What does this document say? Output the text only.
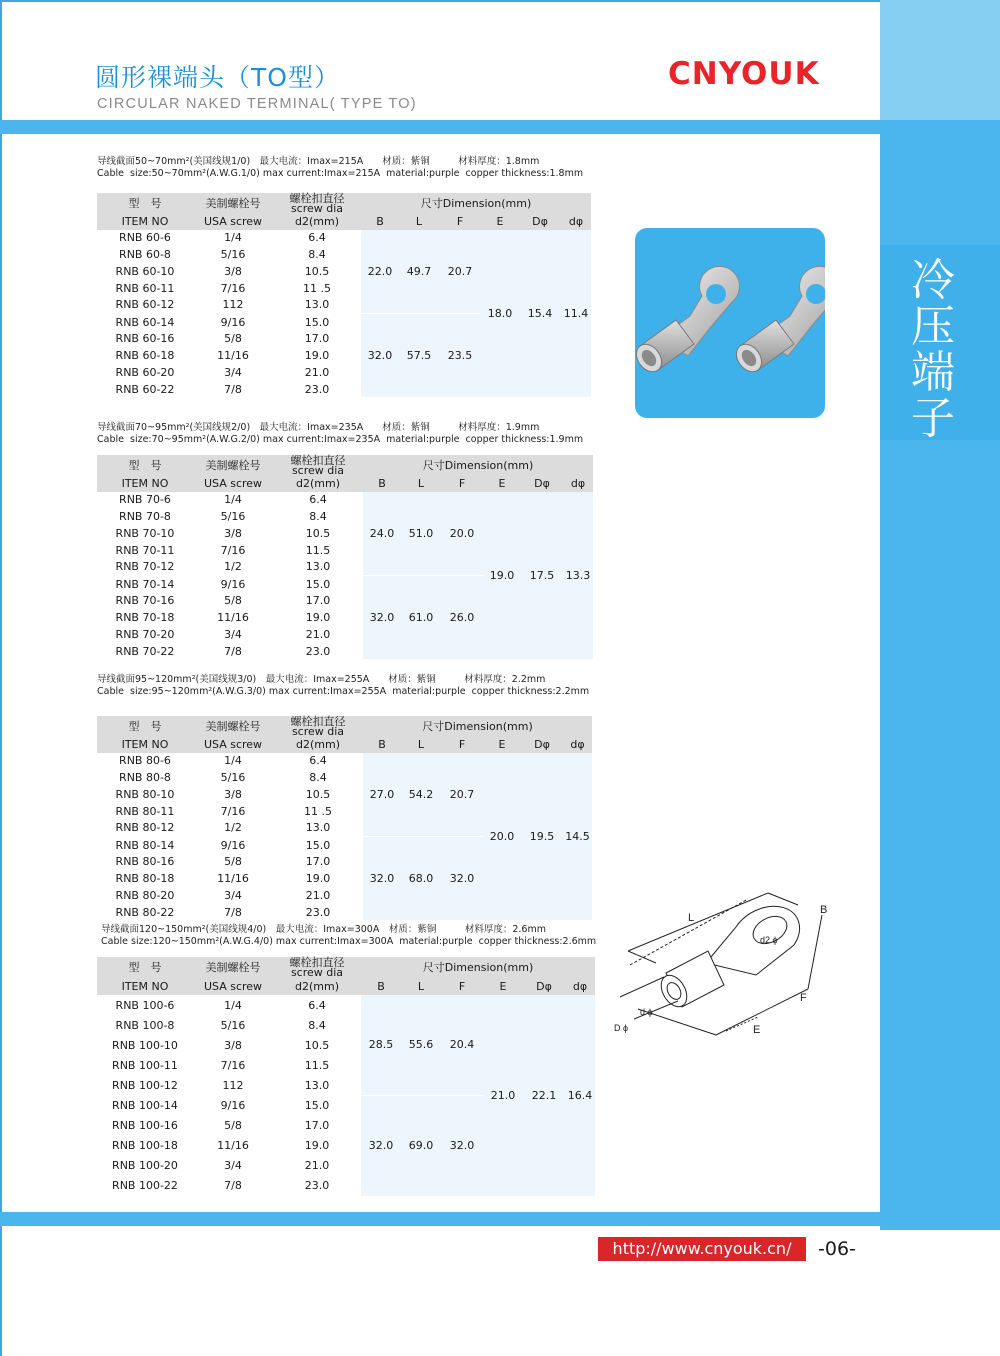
冷压端子
圆形裸端头（TO型）
CIRCULAR NAKED TERMINAL( TYPE TO)
CNYOUK
导线截面50~70mm²(美国线规1/0)　最大电流：Imax=215A　　材质：紫铜　　　材料厚度：1.8mm
Cable  size:50~70mm²(A.W.G.1/0) max current:Imax=215A  material:purple  copper thickness:1.8mm
导线截面70~95mm²(美国线规2/0)　最大电流：Imax=235A　　材质：紫铜　　　材料厚度：1.9mm
Cable  size:70~95mm²(A.W.G.2/0) max current:Imax=235A  material:purple  copper thickness:1.9mm
导线截面95~120mm²(美国线规3/0)　最大电流：Imax=255A　　材质：紫铜　　　材料厚度：2.2mm
Cable  size:95~120mm²(A.W.G.3/0) max current:Imax=255A  material:purple  copper thickness:2.2mm
导线截面120~150mm²(美国线规4/0)　最大电流：Imax=300A　材质：紫铜　　　材料厚度：2.6mm
Cable size:120~150mm²(A.W.G.4/0) max current:Imax=300A  material:purple  copper thickness:2.6mm
型　号	美制螺栓号	螺栓扣直径
screw dia	尺寸Dimension(mm)					
ITEM NO	USA screw	d2(mm)	B	L	F	E	Dφ	dφ
RNB 60-6	1/4	6.4	22.0	49.7	20.7	18.0	15.4	11.4
RNB 60-8	5/16	8.4						
RNB 60-10	3/8	10.5						
RNB 60-11	7/16	11 .5						
RNB 60-12	112	13.0						
RNB 60-14	9/16	15.0	32.0	57.5	23.5			
RNB 60-16	5/8	17.0						
RNB 60-18	11/16	19.0						
RNB 60-20	3/4	21.0						
RNB 60-22	7/8	23.0						
型　号	美制螺栓号	螺栓扣直径
screw dia	尺寸Dimension(mm)					
ITEM NO	USA screw	d2(mm)	B	L	F	E	Dφ	dφ
RNB 70-6	1/4	6.4	24.0	51.0	20.0	19.0	17.5	13.3
RNB 70-8	5/16	8.4						
RNB 70-10	3/8	10.5						
RNB 70-11	7/16	11.5						
RNB 70-12	1/2	13.0						
RNB 70-14	9/16	15.0	32.0	61.0	26.0			
RNB 70-16	5/8	17.0						
RNB 70-18	11/16	19.0						
RNB 70-20	3/4	21.0						
RNB 70-22	7/8	23.0						
型　号	美制螺栓号	螺栓扣直径
screw dia	尺寸Dimension(mm)					
ITEM NO	USA screw	d2(mm)	B	L	F	E	Dφ	dφ
RNB 80-6	1/4	6.4	27.0	54.2	20.7	20.0	19.5	14.5
RNB 80-8	5/16	8.4						
RNB 80-10	3/8	10.5						
RNB 80-11	7/16	11 .5						
RNB 80-12	1/2	13.0						
RNB 80-14	9/16	15.0	32.0	68.0	32.0			
RNB 80-16	5/8	17.0						
RNB 80-18	11/16	19.0						
RNB 80-20	3/4	21.0						
RNB 80-22	7/8	23.0						
型　号	美制螺栓号	螺栓扣直径
screw dia	尺寸Dimension(mm)					
ITEM NO	USA screw	d2(mm)	B	L	F	E	Dφ	dφ
RNB 100-6	1/4	6.4	28.5	55.6	20.4	21.0	22.1	16.4
RNB 100-8	5/16	8.4						
RNB 100-10	3/8	10.5						
RNB 100-11	7/16	11.5						
RNB 100-12	112	13.0						
RNB 100-14	9/16	15.0	32.0	69.0	32.0			
RNB 100-16	5/8	17.0						
RNB 100-18	11/16	19.0						
RNB 100-20	3/4	21.0						
RNB 100-22	7/8	23.0						
L
B
d2 ϕ
d ϕ
D ϕ
F
E
http://www.cnyouk.cn/	-06-
